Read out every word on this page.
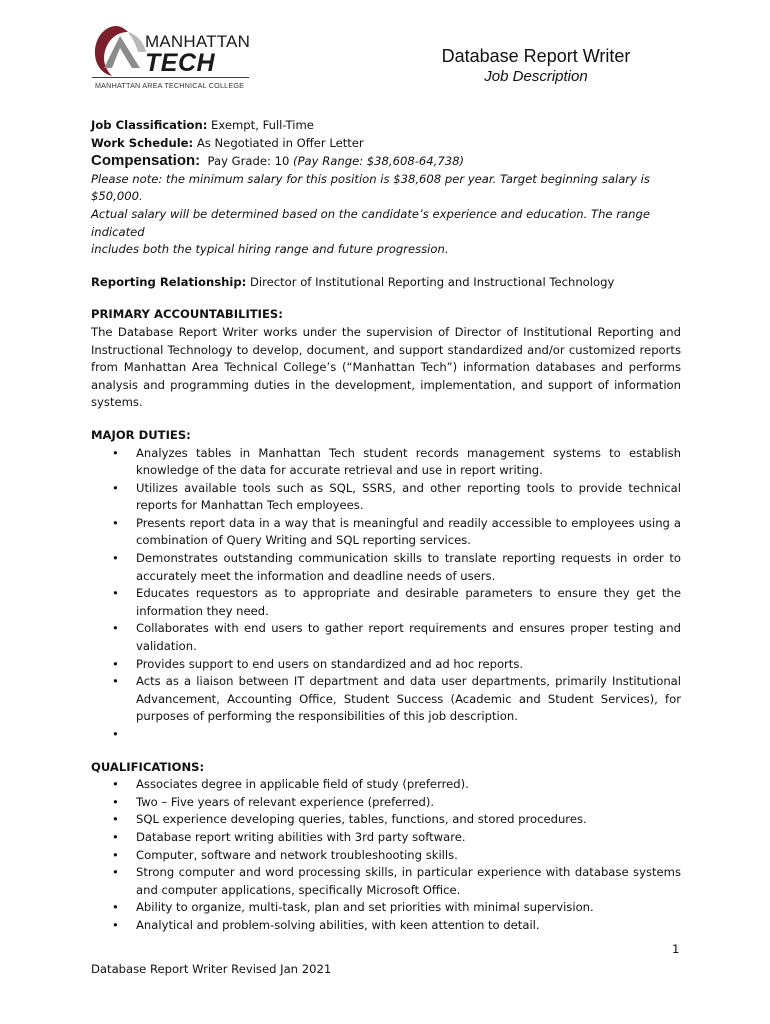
MANHATTAN
TECH
MANHATTAN AREA TECHNICAL COLLEGE
Database Report Writer
Job Description

Job Classification: Exempt, Full-Time

Work Schedule: As Negotiated in Offer Letter

Compensation:  Pay Grade: 10 (Pay Range: $38,608-64,738)

Please note: the minimum salary for this position is $38,608 per year. Target beginning salary is $50,000.

Actual salary will be determined based on the candidate’s experience and education. The range indicated

includes both the typical hiring range and future progression.

Reporting Relationship: Director of Institutional Reporting and Instructional Technology

PRIMARY ACCOUNTABILITIES:

The Database Report Writer works under the supervision of Director of Institutional Reporting and Instructional Technology to develop, document, and support standardized and/or customized reports from Manhattan Area Technical College’s (“Manhattan Tech”) information databases and performs analysis and programming duties in the development, implementation, and support of information systems.

MAJOR DUTIES:
• Analyzes tables in Manhattan Tech student records management systems to establish knowledge of the data for accurate retrieval and use in report writing.
• Utilizes available tools such as SQL, SSRS, and other reporting tools to provide technical reports for Manhattan Tech employees.
• Presents report data in a way that is meaningful and readily accessible to employees using a combination of Query Writing and SQL reporting services.
• Demonstrates outstanding communication skills to translate reporting requests in order to accurately meet the information and deadline needs of users.
• Educates requestors as to appropriate and desirable parameters to ensure they get the information they need.
• Collaborates with end users to gather report requirements and ensures proper testing and validation.
• Provides support to end users on standardized and ad hoc reports.
• Acts as a liaison between IT department and data user departments, primarily Institutional Advancement, Accounting Office, Student Success (Academic and Student Services), for purposes of performing the responsibilities of this job description.
•

QUALIFICATIONS:
• Associates degree in applicable field of study (preferred).
• Two – Five years of relevant experience (preferred).
• SQL experience developing queries, tables, functions, and stored procedures.
• Database report writing abilities with 3rd party software.
• Computer, software and network troubleshooting skills.
• Strong computer and word processing skills, in particular experience with database systems and computer applications, specifically Microsoft Office.
• Ability to organize, multi-task, plan and set priorities with minimal supervision.
• Analytical and problem-solving abilities, with keen attention to detail.
1
Database Report Writer Revised Jan 2021
